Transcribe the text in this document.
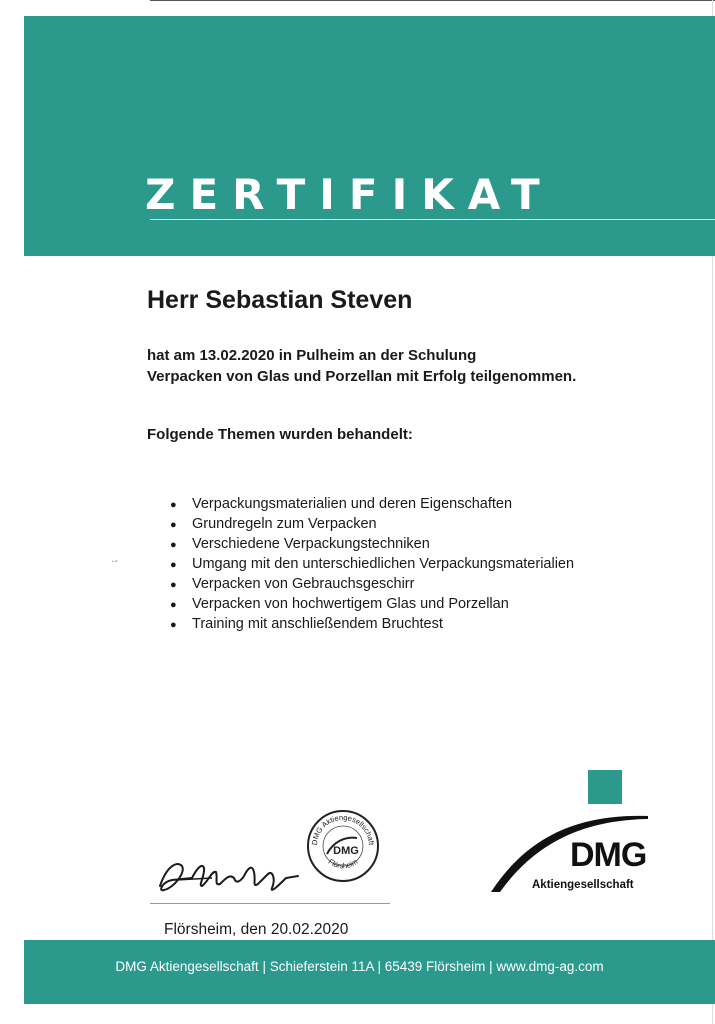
ZERTIFIKAT
Herr Sebastian Steven
hat am 13.02.2020 in Pulheim an der Schulung
Verpacken von Glas und Porzellan mit Erfolg teilgenommen.
Folgende Themen wurden behandelt:
● Verpackungsmaterialien und deren Eigenschaften
● Grundregeln zum Verpacken
● Verschiedene Verpackungstechniken
● Umgang mit den unterschiedlichen Verpackungsmaterialien
● Verpacken von Gebrauchsgeschirr
● Verpacken von hochwertigem Glas und Porzellan
● Training mit anschließendem Bruchtest
·‐
DMG Aktiengesellschaft
Flörsheim
DMG
Flörsheim, den 20.02.2020
DMG
Aktiengesellschaft
DMG Aktiengesellschaft | Schieferstein 11A | 65439 Flörsheim | www.dmg-ag.com
